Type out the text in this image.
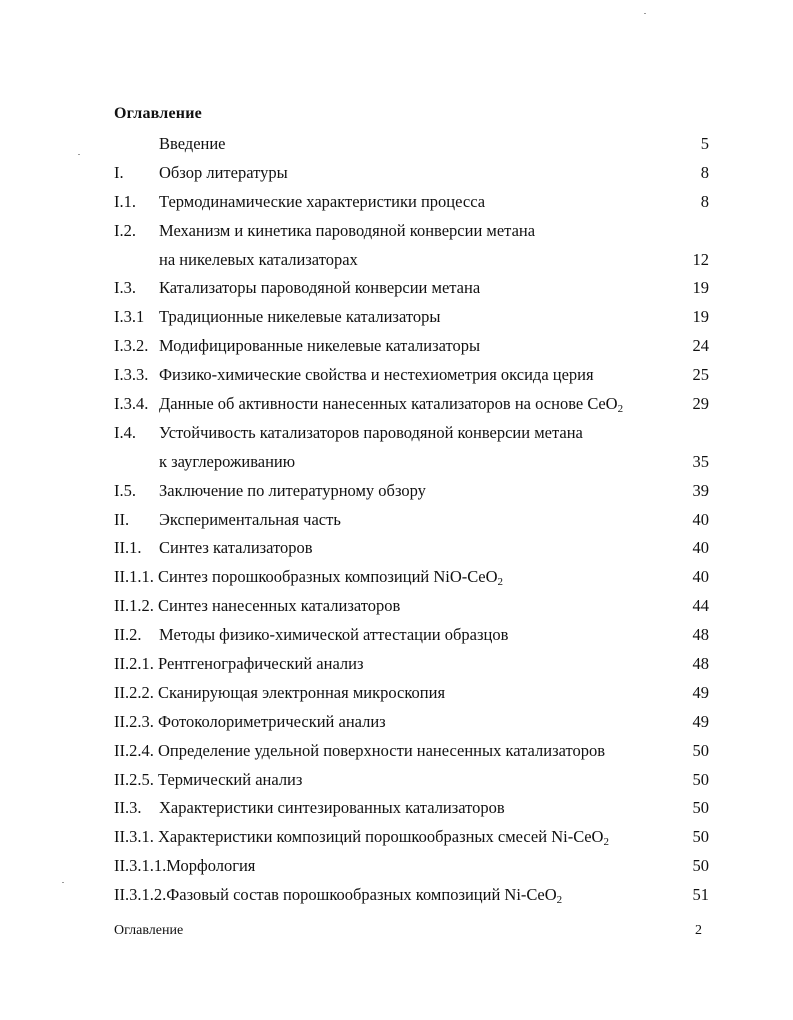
Оглавление
Введение	5
I. Обзор литературы	8
I.1. Термодинамические характеристики процесса	8
I.2. Механизм и кинетика пароводяной конверсии метана
на никелевых катализаторах	12
I.3. Катализаторы пароводяной конверсии метана	19
I.3.1 Традиционные никелевые катализаторы	19
I.3.2. Модифицированные никелевые катализаторы	24
I.3.3. Физико-химические свойства и нестехиометрия оксида церия	25
I.3.4. Данные об активности нанесенных катализаторов на основе CeO$_2$	29
I.4. Устойчивость катализаторов пароводяной конверсии метана
к зауглероживанию	35
I.5. Заключение по литературному обзору	39
II. Экспериментальная часть	40
II.1. Синтез катализаторов	40
II.1.1. Синтез порошкообразных композиций NiO-CeO$_2$	40
II.1.2. Синтез нанесенных катализаторов	44
II.2. Методы физико-химической аттестации образцов	48
II.2.1. Рентгенографический анализ	48
II.2.2. Сканирующая электронная микроскопия	49
II.2.3. Фотоколориметрический анализ	49
II.2.4. Определение удельной поверхности нанесенных катализаторов	50
II.2.5. Термический анализ	50
II.3. Характеристики синтезированных катализаторов	50
II.3.1. Характеристики композиций порошкообразных смесей Ni-CeO$_2$	50
II.3.1.1.Морфология	50
II.3.1.2.Фазовый состав порошкообразных композиций Ni-CeO$_2$	51
Оглавление	2
